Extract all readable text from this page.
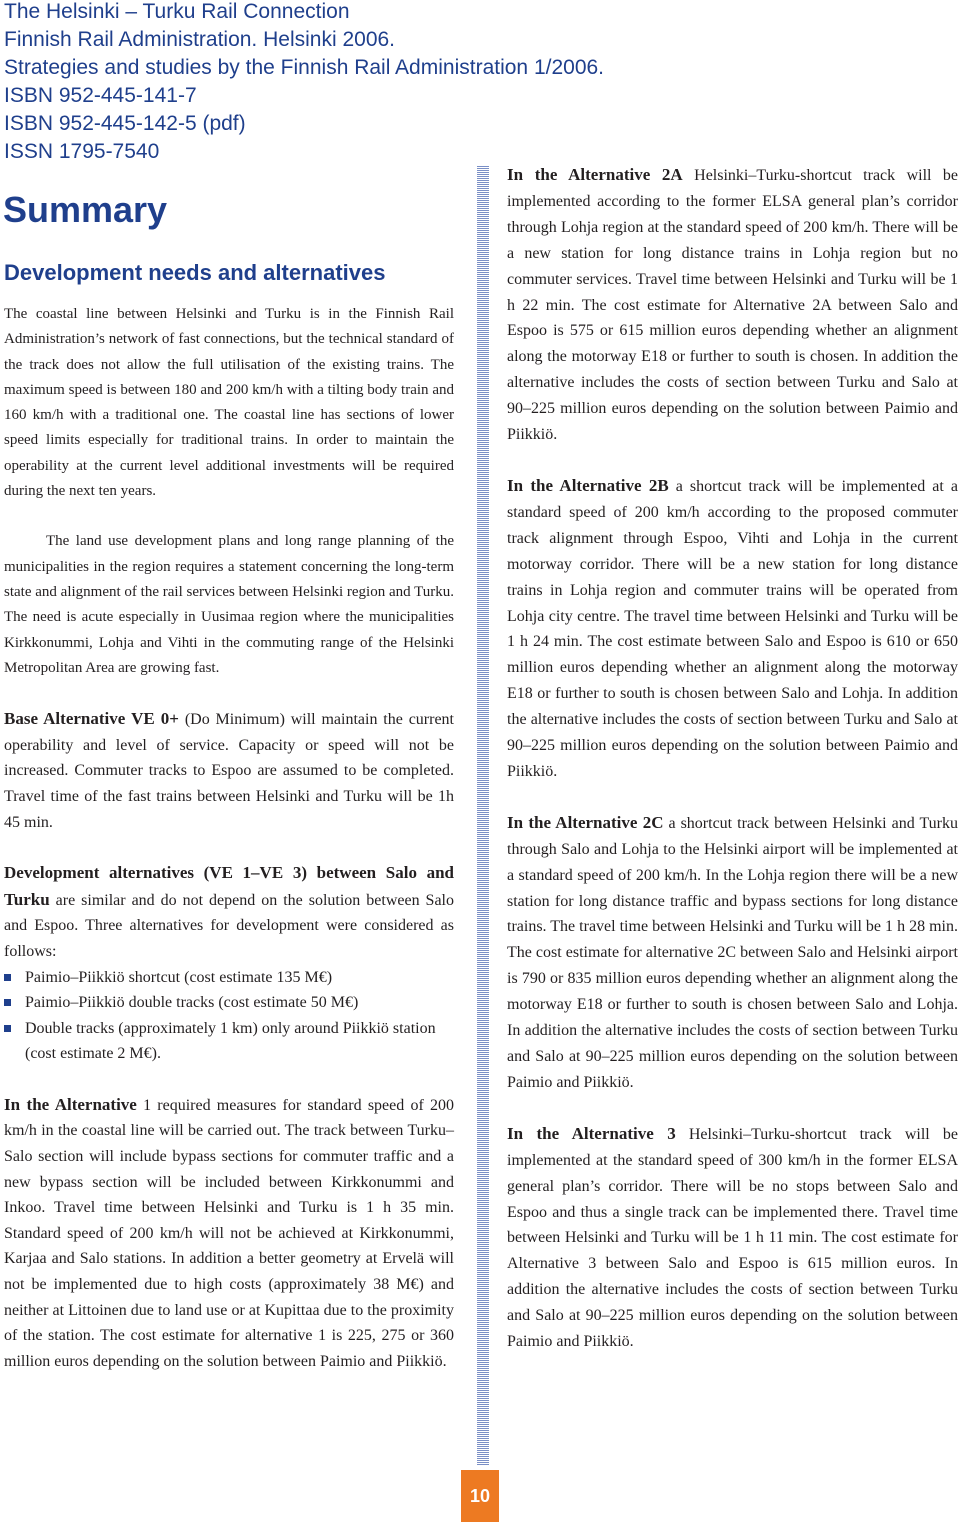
The Helsinki – Turku Rail Connection

Finnish Rail Administration. Helsinki 2006.

Strategies and studies by the Finnish Rail Administration 1/2006.

ISBN 952-445-141-7

ISBN 952-445-142-5 (pdf)

ISSN 1795-7540

Summary
Development needs and alternatives

The coastal line between Helsinki and Turku is in the Finnish Rail Administration’s network of fast connections, but the technical standard of the track does not allow the full utilisation of the existing trains. The maximum speed is between 180 and 200 km/h with a tilting body train and 160 km/h with a traditional one. The coastal line has sections of lower speed limits especially for traditional trains. In order to maintain the operability at the current level additional investments will be required during the next ten years.

The land use development plans and long range planning of the municipalities in the region requires a statement concerning the long-term state and alignment of the rail services between Helsinki region and Turku. The need is acute especially in Uusimaa region where the municipalities Kirkkonummi, Lohja and Vihti in the commuting range of the Helsinki Metropolitan Area are growing fast.

Base Alternative VE 0+ (Do Minimum) will maintain the current operability and level of service. Capacity or speed will not be increased. Commuter tracks to Espoo are assumed to be completed. Travel time of the fast trains between Helsinki and Turku will be 1h 45 min.

Development alternatives (VE 1–VE 3) between Salo and Turku are similar and do not depend on the solution between Salo and Espoo. Three alternatives for development were considered as follows:

Paimio–Piikkiö shortcut (cost estimate 135 M€)
Paimio–Piikkiö double tracks (cost estimate 50 M€)
Double tracks (approximately 1 km) only around Piikkiö station (cost estimate 2 M€).

In the Alternative 1 required measures for standard speed of 200 km/h in the coastal line will be carried out. The track between Turku–Salo section will include bypass sections for commuter traffic and a new bypass section will be included between Kirkkonummi and Inkoo. Travel time between Helsinki and Turku is 1 h 35 min. Standard speed of 200 km/h will not be achieved at Kirkkonummi, Karjaa and Salo stations. In addition a better geometry at Ervelä will not be implemented due to high costs (approximately 38 M€) and neither at Littoinen due to land use or at Kupittaa due to the proximity of the station. The cost estimate for alternative 1 is 225, 275 or 360 million euros depending on the solution between Paimio and Piikkiö.

In the Alternative 2A Helsinki–Turku-shortcut track will be implemented according to the former ELSA general plan’s corridor through Lohja region at the standard speed of 200 km/h. There will be a new station for long distance trains in Lohja region but no commuter services. Travel time between Helsinki and Turku will be 1 h 22 min. The cost estimate for Alternative 2A between Salo and Espoo is 575 or 615 million euros depending whether an alignment along the motorway E18 or further to south is chosen. In addition the alternative includes the costs of section between Turku and Salo at 90–225 million euros depending on the solution between Paimio and Piikkiö.

In the Alternative 2B a shortcut track will be implemented at a standard speed of 200 km/h according to the proposed commuter track alignment through Espoo, Vihti and Lohja in the current motorway corridor. There will be a new station for long distance trains in Lohja region and commuter trains will be operated from Lohja city centre. The travel time between Helsinki and Turku will be 1 h 24 min. The cost estimate between Salo and Espoo is 610 or 650 million euros depending whether an alignment along the motorway E18 or further to south is chosen between Salo and Lohja. In addition the alternative includes the costs of section between Turku and Salo at 90–225 million euros depending on the solution between Paimio and Piikkiö.

In the Alternative 2C a shortcut track between Helsinki and Turku through Salo and Lohja to the Helsinki airport will be implemented at a standard speed of 200 km/h. In the Lohja region there will be a new station for long distance traffic and bypass sections for long distance trains. The travel time between Helsinki and Turku will be 1 h 28 min. The cost estimate for alternative 2C between Salo and Helsinki airport is 790 or 835 million euros depending whether an alignment along the motorway E18 or further to south is chosen between Salo and Lohja. In addition the alternative includes the costs of section between Turku and Salo at 90–225 million euros depending on the solution between Paimio and Piikkiö.

In the Alternative 3 Helsinki–Turku-shortcut track will be implemented at the standard speed of 300 km/h in the former ELSA general plan’s corridor. There will be no stops between Salo and Espoo and thus a single track can be implemented there. Travel time between Helsinki and Turku will be 1 h 11 min. The cost estimate for Alternative 3 between Salo and Espoo is 615 million euros. In addition the alternative includes the costs of section between Turku and Salo at 90–225 million euros depending on the solution between Paimio and Piikkiö.

10
